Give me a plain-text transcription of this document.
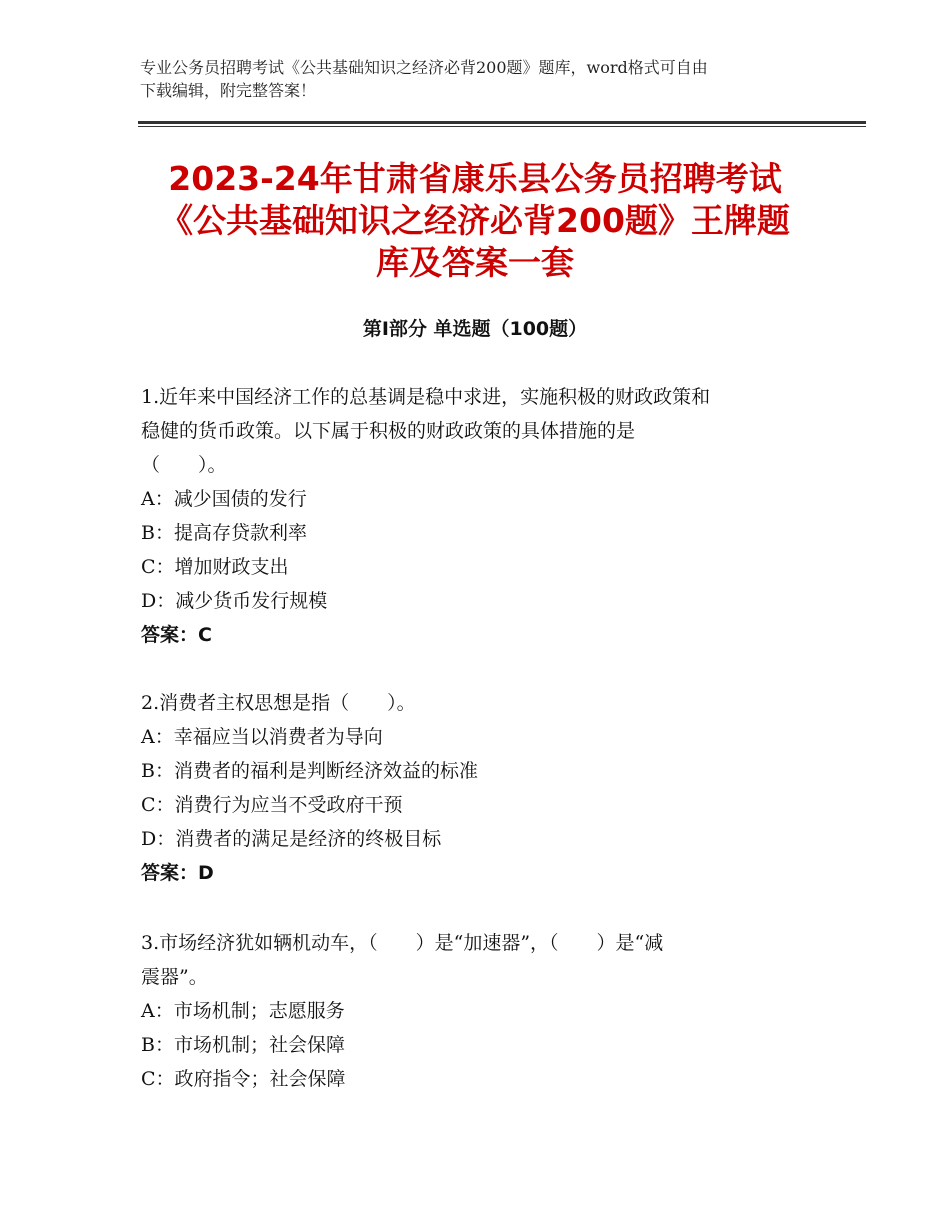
专业公务员招聘考试《公共基础知识之经济必背200题》题库，word格式可自由
下载编辑，附完整答案！
2023-24年甘肃省康乐县公务员招聘考试
《公共基础知识之经济必背200题》王牌题
库及答案一套
第Ⅰ部分 单选题（100题）
1.近年来中国经济工作的总基调是稳中求进，实施积极的财政政策和
稳健的货币政策。以下属于积极的财政政策的具体措施的是
（　　）。
A：减少国债的发行
B：提高存贷款利率
C：增加财政支出
D：减少货币发行规模
答案：C
2.消费者主权思想是指（　　）。
A：幸福应当以消费者为导向
B：消费者的福利是判断经济效益的标准
C：消费行为应当不受政府干预
D：消费者的满足是经济的终极目标
答案：D
3.市场经济犹如辆机动车，（　　）是“加速器”，（　　）是“减
震器”。
A：市场机制；志愿服务
B：市场机制；社会保障
C：政府指令；社会保障
